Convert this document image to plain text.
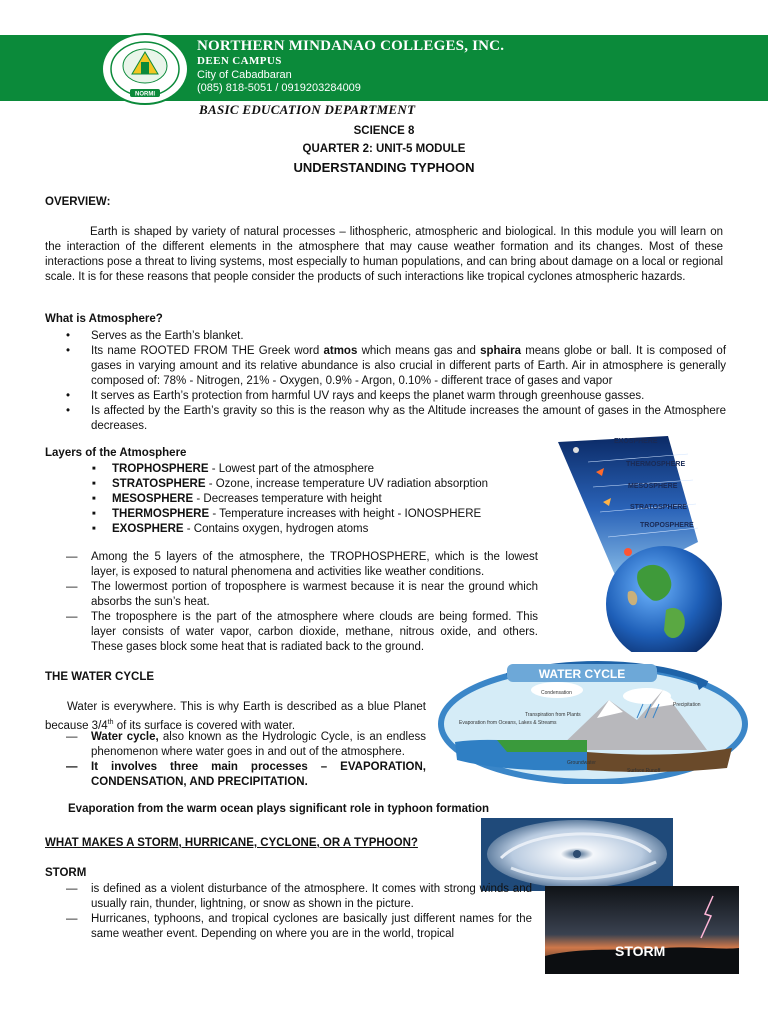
NORMI
NORTHERN MINDANAO COLLEGES, INC.
DEEN CAMPUS
City of Cabadbaran
(085) 818-5051 / 0919203284009
BASIC EDUCATION DEPARTMENT
SCIENCE 8
QUARTER 2: UNIT-5 MODULE
UNDERSTANDING TYPHOON
OVERVIEW:
Earth is shaped by variety of natural processes – lithospheric, atmospheric and biological. In this module you will learn on the interaction of the different elements in the atmosphere that may cause weather formation and its changes. Most of these interactions pose a threat to living systems, most especially to human populations, and can bring about damage on a local or regional scale. It is for these reasons that people consider the products of such interactions like tropical cyclones atmospheric hazards.
What is Atmosphere?
• Serves as the Earth’s blanket.
• Its name ROOTED FROM THE Greek word atmos which means gas and sphaira means globe or ball. It is composed of gases in varying amount and its relative abundance is also crucial in different parts of Earth. Air in atmosphere is generally composed of: 78% - Nitrogen, 21% - Oxygen, 0.9% - Argon, 0.10% - different trace of gases and vapor
• It serves as Earth’s protection from harmful UV rays and keeps the planet warm through greenhouse gasses.
• Is affected by the Earth’s gravity so this is the reason why as the Altitude increases the amount of gases in the Atmosphere decreases.
Layers of the Atmosphere
■ TROPHOSPHERE - Lowest part of the atmosphere
■ STRATOSPHERE - Ozone, increase temperature UV radiation absorption
■ MESOSPHERE - Decreases temperature with height
■ THERMOSPHERE - Temperature increases with height - IONOSPHERE
■ EXOSPHERE - Contains oxygen, hydrogen atoms
— Among the 5 layers of the atmosphere, the TROPHOSPHERE, which is the lowest layer, is exposed to natural phenomena and activities like weather conditions.
— The lowermost portion of troposphere is warmest because it is near the ground which absorbs the sun’s heat.
— The troposphere is the part of the atmosphere where clouds are being formed. This layer consists of water vapor, carbon dioxide, methane, nitrous oxide, and others. These gases block some heat that is radiated back to the ground.
EXOSPHERE
THERMOSPHERE
MESOSPHERE
STRATOSPHERE
TROPOSPHERE
THE WATER CYCLE
Water is everywhere. This is why Earth is described as a blue Planet because 3/4th of its surface is covered with water.
— Water cycle, also known as the Hydrologic Cycle, is an endless phenomenon where water goes in and out of the atmosphere.
— It involves three main processes – EVAPORATION, CONDENSATION, AND PRECIPITATION.
Evaporation from the warm ocean plays significant role in typhoon formation
WATER CYCLE
Condensation
Transpiration from Plants
Evaporation from Oceans, Lakes & Streams
Precipitation
Groundwater
Surface Runoff
WHAT MAKES A STORM, HURRICANE, CYCLONE, OR A TYPHOON?
STORM
STORM
— is defined as a violent disturbance of the atmosphere. It comes with strong winds and usually rain, thunder, lightning, or snow as shown in the picture.
— Hurricanes, typhoons, and tropical cyclones are basically just different names for the same weather event. Depending on where you are in the world, tropical
